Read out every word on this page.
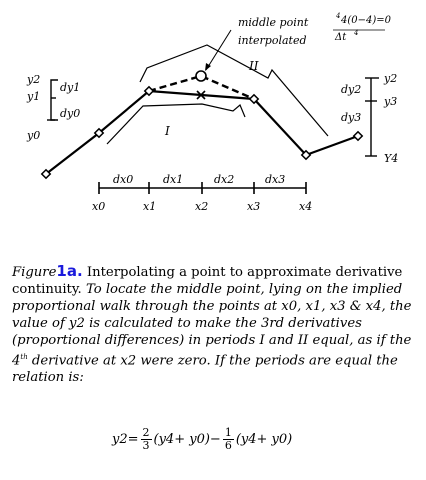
middle point
interpolated
4 4(0−4)=0
Δt 4
II
I
y2
y1
y0
dy1
dy0
y2
y3
Y4
dy2
dy3
dx0	dx1	dx2	dx3
x0	x1	x2	x3	x4
Figure1a. Interpolating a point to approximate derivative continuity. To locate the middle point, lying on the implied proportional walk through the points at x0, x1, x3 & x4, the value of y2 is calculated to make the 3rd derivatives (proportional differences) in periods I and II equal, as if the 4th derivative at x2 were zero. If the periods are equal the relation is:
$y2= \frac{2}{3} (y4+ y0)- \frac{1}{6} (y4+ y0)$
